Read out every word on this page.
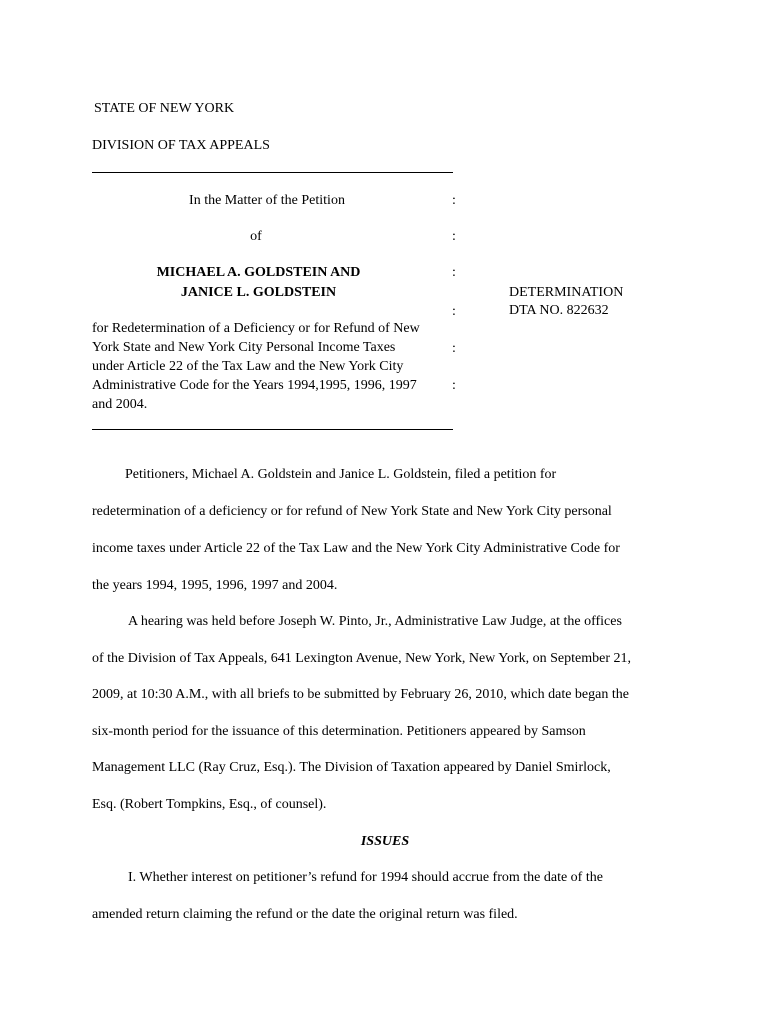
STATE OF NEW YORK
DIVISION OF TAX APPEALS
In the Matter of the Petition	:
of	:
MICHAEL A. GOLDSTEIN AND	:
JANICE L. GOLDSTEIN
:
DETERMINATION
DTA NO. 822632
for Redetermination of a Deficiency or for Refund of New
York State and New York City Personal Income Taxes	:
under Article 22 of the Tax Law and the New York City
Administrative Code for the Years 1994,1995, 1996, 1997	:
and 2004.
Petitioners, Michael A. Goldstein and Janice L. Goldstein, filed a petition for
redetermination of a deficiency or for refund of New York State and New York City personal
income taxes under Article 22 of the Tax Law and the New York City Administrative Code for
the years 1994, 1995, 1996, 1997 and 2004.
A hearing was held before Joseph W. Pinto, Jr., Administrative Law Judge, at the offices
of the Division of Tax Appeals, 641 Lexington Avenue, New York, New York, on September 21,
2009, at 10:30 A.M., with all briefs to be submitted by February 26, 2010, which date began the
six-month period for the issuance of this determination. Petitioners appeared by Samson
Management LLC (Ray Cruz, Esq.). The Division of Taxation appeared by Daniel Smirlock,
Esq. (Robert Tompkins, Esq., of counsel).
ISSUES
I. Whether interest on petitioner’s refund for 1994 should accrue from the date of the
amended return claiming the refund or the date the original return was filed.
